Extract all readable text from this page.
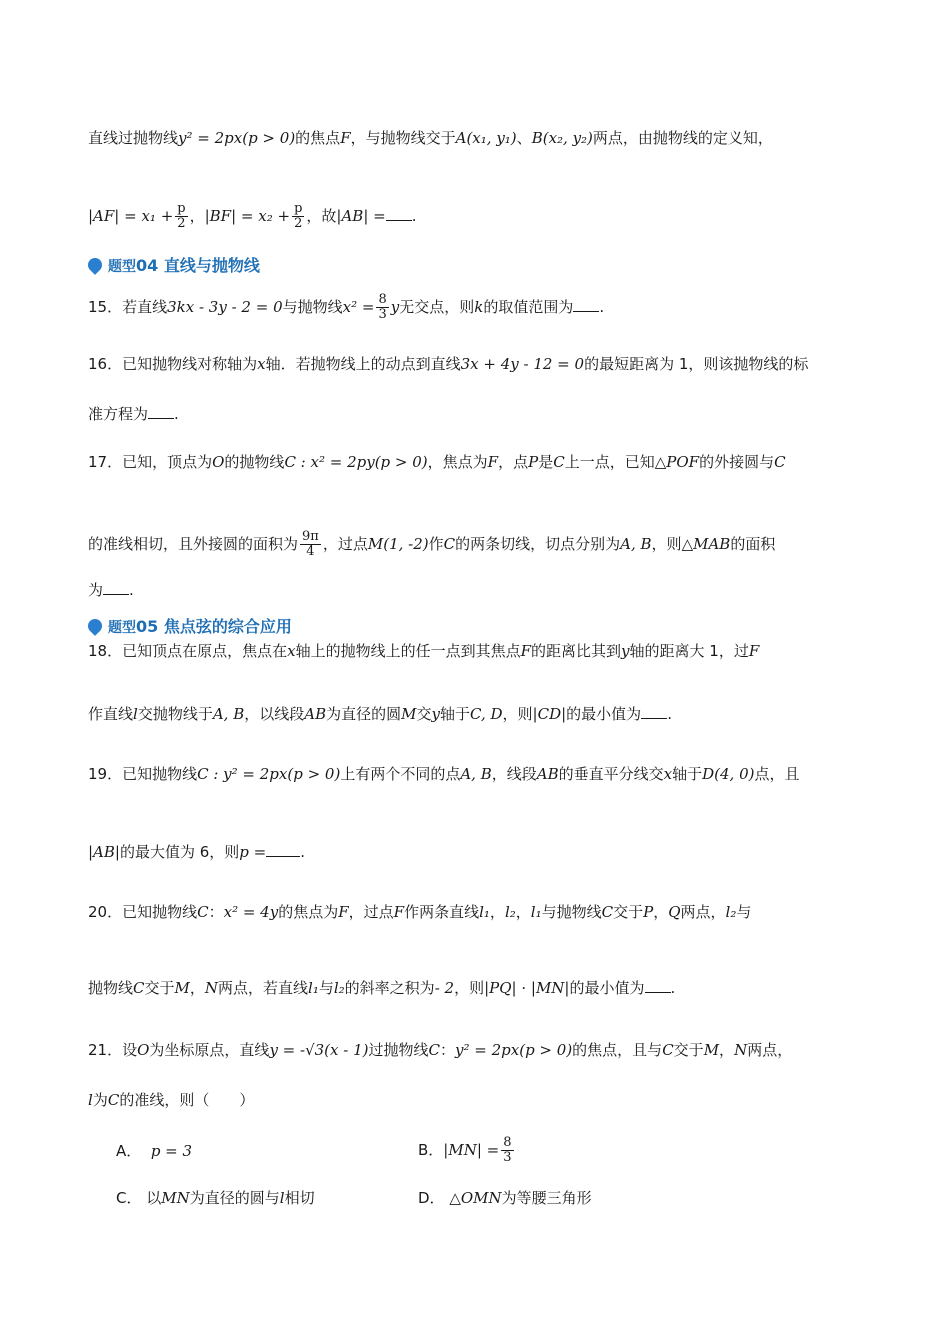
直线过抛物线y² = 2px(p > 0)的焦点F，与抛物线交于A(x₁, y₁)、B(x₂, y₂)两点，由抛物线的定义知，
$|AF| = x_1 + \frac{p}{2}$ ，$|BF| = x_2 + \frac{p}{2}$ ，故|AB| = .
题型04 直线与抛物线
15．若直线3kx - 3y - 2 = 0与抛物线$x^2 = \frac{8}{3}$ y无交点，则k的取值范围为 .
16．已知抛物线对称轴为x轴．若抛物线上的动点到直线3x + 4y - 12 = 0的最短距离为 1，则该抛物线的标
准方程为 .
17．已知，顶点为O的抛物线C : x² = 2py(p > 0)，焦点为F，点P是C上一点，已知△POF的外接圆与C
的准线相切，且外接圆的面积为 $\frac{9\pi}{4}$ ，过点M(1, -2)作C的两条切线，切点分别为A, B，则△MAB的面积
为 .
题型05 焦点弦的综合应用
18．已知顶点在原点，焦点在x轴上的抛物线上的任一点到其焦点F的距离比其到y轴的距离大 1，过F
作直线l交抛物线于A, B，以线段AB为直径的圆M交y轴于C, D，则|CD|的最小值为 .
19．已知抛物线C : y² = 2px(p > 0)上有两个不同的点A, B，线段AB的垂直平分线交x轴于D(4, 0)点，且
|AB|的最大值为 6，则p = .
20．已知抛物线C：x² = 4y的焦点为F，过点F作两条直线l₁，l₂，l₁与抛物线C交于P，Q两点，l₂与
抛物线C交于M，N两点，若直线l₁与l₂的斜率之积为- 2，则|PQ| · |MN|的最小值为 .
21．设O为坐标原点，直线y = -√3(x - 1)过抛物线C：y² = 2px(p > 0)的焦点，且与C交于M，N两点，
l为C的准线，则（　　）
A． p = 3	B．$|MN| = \frac{8}{3}$
C． 以MN为直径的圆与l相切	D． △OMN为等腰三角形
